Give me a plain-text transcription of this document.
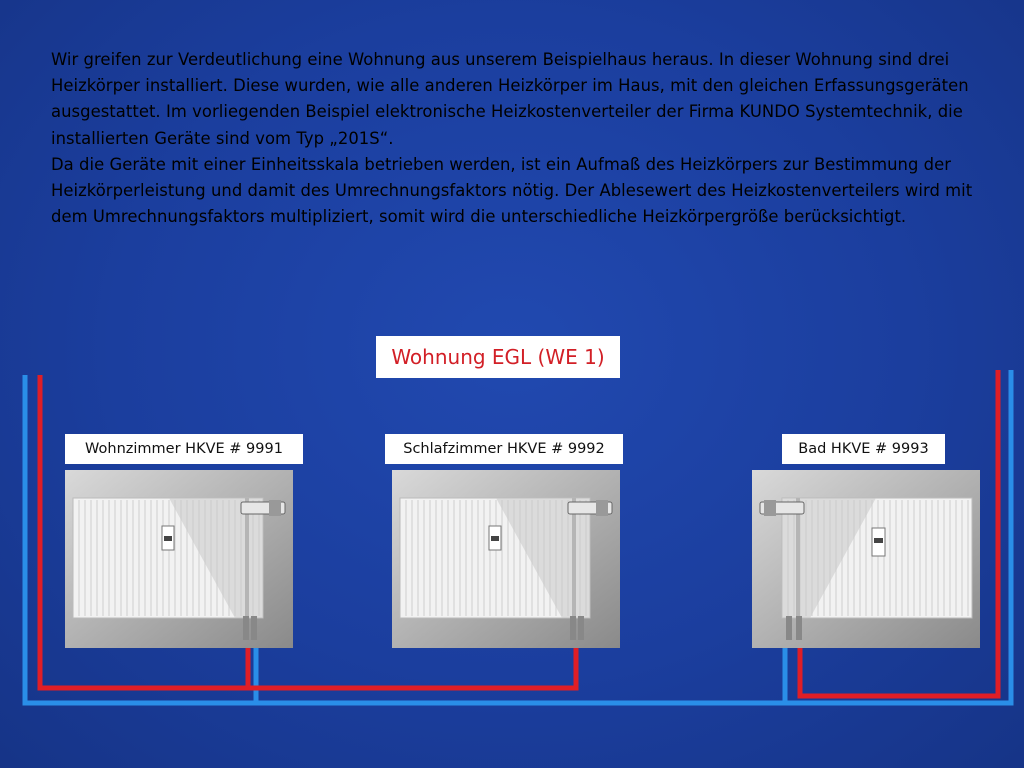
Wir greifen zur Verdeutlichung eine Wohnung aus unserem Beispielhaus heraus. In dieser Wohnung sind drei Heizkörper installiert. Diese wurden, wie alle anderen Heizkörper im Haus, mit den gleichen Erfassungsgeräten ausgestattet. Im vorliegenden Beispiel elektronische Heizkostenverteiler der Firma KUNDO Systemtechnik, die installierten Geräte sind vom Typ „201S“.

Da die Geräte mit einer Einheitsskala betrieben werden, ist ein Aufmaß des Heizkörpers zur Bestimmung der Heizkörperleistung und damit des Umrechnungsfaktors nötig. Der Ablesewert des Heizkostenverteilers wird mit dem Umrechnungsfaktors multipliziert, somit wird die unterschiedliche Heizkörpergröße berücksichtigt.

Wohnung EGL (WE 1)
Wohnzimmer HKVE # 9991	Schlafzimmer HKVE # 9992	Bad HKVE # 9993
